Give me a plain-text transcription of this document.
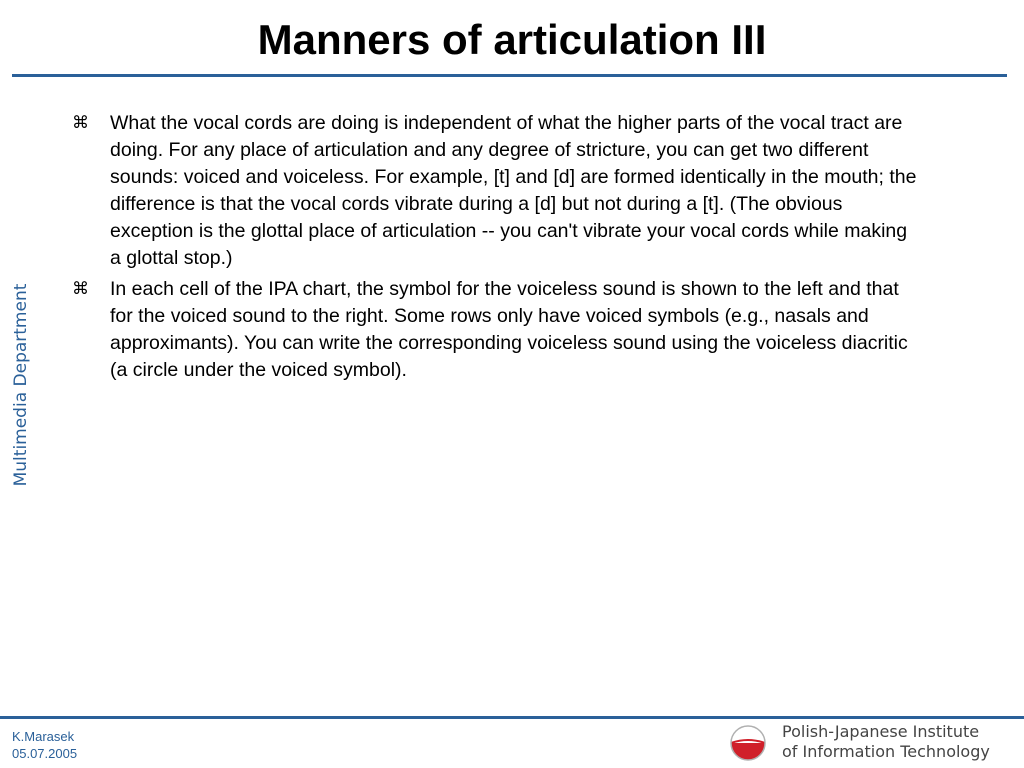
Manners of articulation III
Multimedia Department
⌘ What the vocal cords are doing is independent of what the higher parts of the vocal tract are doing. For any place of articulation and any degree of stricture, you can get two different sounds: voiced and voiceless. For example, [t] and [d] are formed identically in the mouth; the difference is that the vocal cords vibrate during a [d] but not during a [t]. (The obvious exception is the glottal place of articulation -- you can't vibrate your vocal cords while making a glottal stop.)
⌘ In each cell of the IPA chart, the symbol for the voiceless sound is shown to the left and that for the voiced sound to the right. Some rows only have voiced symbols (e.g., nasals and approximants). You can write the corresponding voiceless sound using the voiceless diacritic (a circle under the voiced symbol).
K.Marasek
05.07.2005
Polish-Japanese Institute
of Information Technology
